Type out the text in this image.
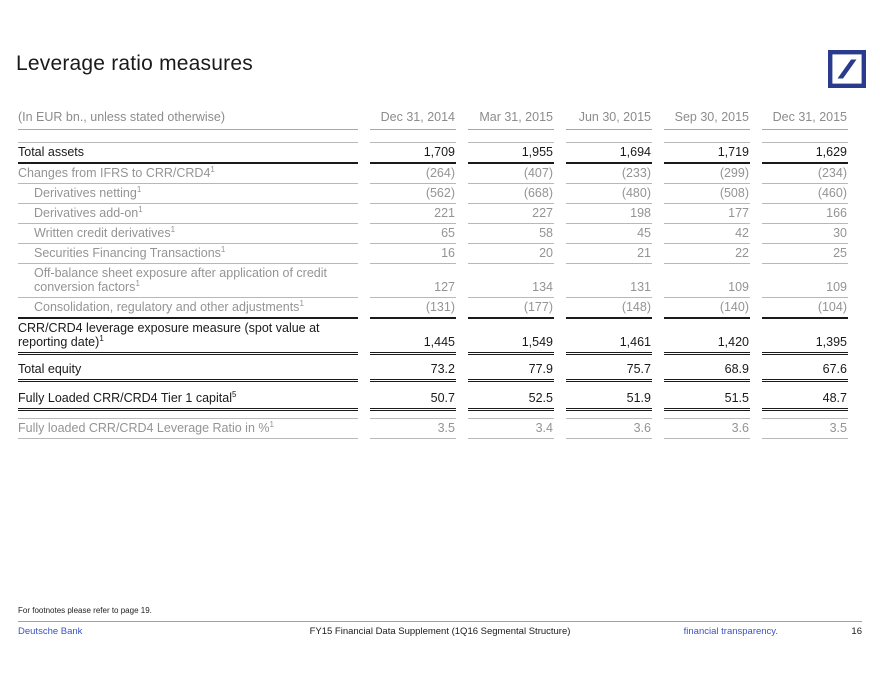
Leverage ratio measures
(In EUR bn., unless stated otherwise)	Dec 31, 2014	Mar 31, 2015	Jun 30, 2015	Sep 30, 2015	Dec 31, 2015

Total assets	1,709	1,955	1,694	1,719	1,629
Changes from IFRS to CRR/$CRD4^1$	(264)	(407)	(233)	(299)	(234)
Derivatives netting$^1$	(562)	(668)	(480)	(508)	(460)
Derivatives add-$on^1$	221	227	198	177	166
Written credit derivatives$^1$	65	58	45	42	30
Securities Financing Transactions$^1$	16	20	21	22	25
Off-balance sheet exposure after application of credit conversion factors$^1$	127	134	131	109	109
Consolidation, regulatory and other adjustments$^1$	(131)	(177)	(148)	(140)	(104)
CRR/CRD4 leverage exposure measure (spot value at reporting date)$^1$	1,445	1,549	1,461	1,420	1,395

Total equity	73.2	77.9	75.7	68.9	67.6

Fully Loaded CRR/CRD4 Tier 1 capital$^5$	50.7	52.5	51.9	51.5	48.7

Fully loaded CRR/CRD4 Leverage Ratio in %$^1$	3.5	3.4	3.6	3.6	3.5
For footnotes please refer to page 19.
Deutsche Bank	FY15 Financial Data Supplement (1Q16 Segmental Structure)	financial transparency.	16
